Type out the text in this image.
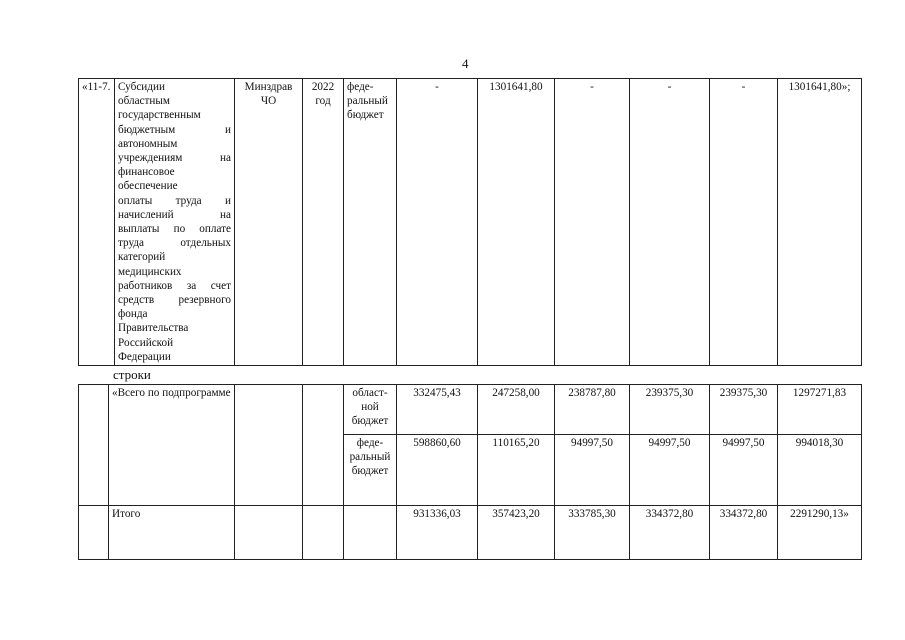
4
«11-7.	Субсидии
областным
государственным
бюджетным и
автономным
учреждениям на
финансовое
обеспечение
оплаты труда и
начислений на
выплаты по оплате
труда отдельных
категорий
медицинских
работников за счет
средств резервного
фонда
Правительства
Российской
Федерации
	Минздрав ЧО	2022 год	феде-ральный бюджет	-	1301641,80	-	-	-	1301641,80»;
строки
	«Всего по подпрограмме			област-ной бюджет	332475,43	247258,00	238787,80	239375,30	239375,30	1297271,83
				феде-ральный бюджет	598860,60	110165,20	94997,50	94997,50	94997,50	994018,30
	Итого				931336,03	357423,20	333785,30	334372,80	334372,80	2291290,13»
